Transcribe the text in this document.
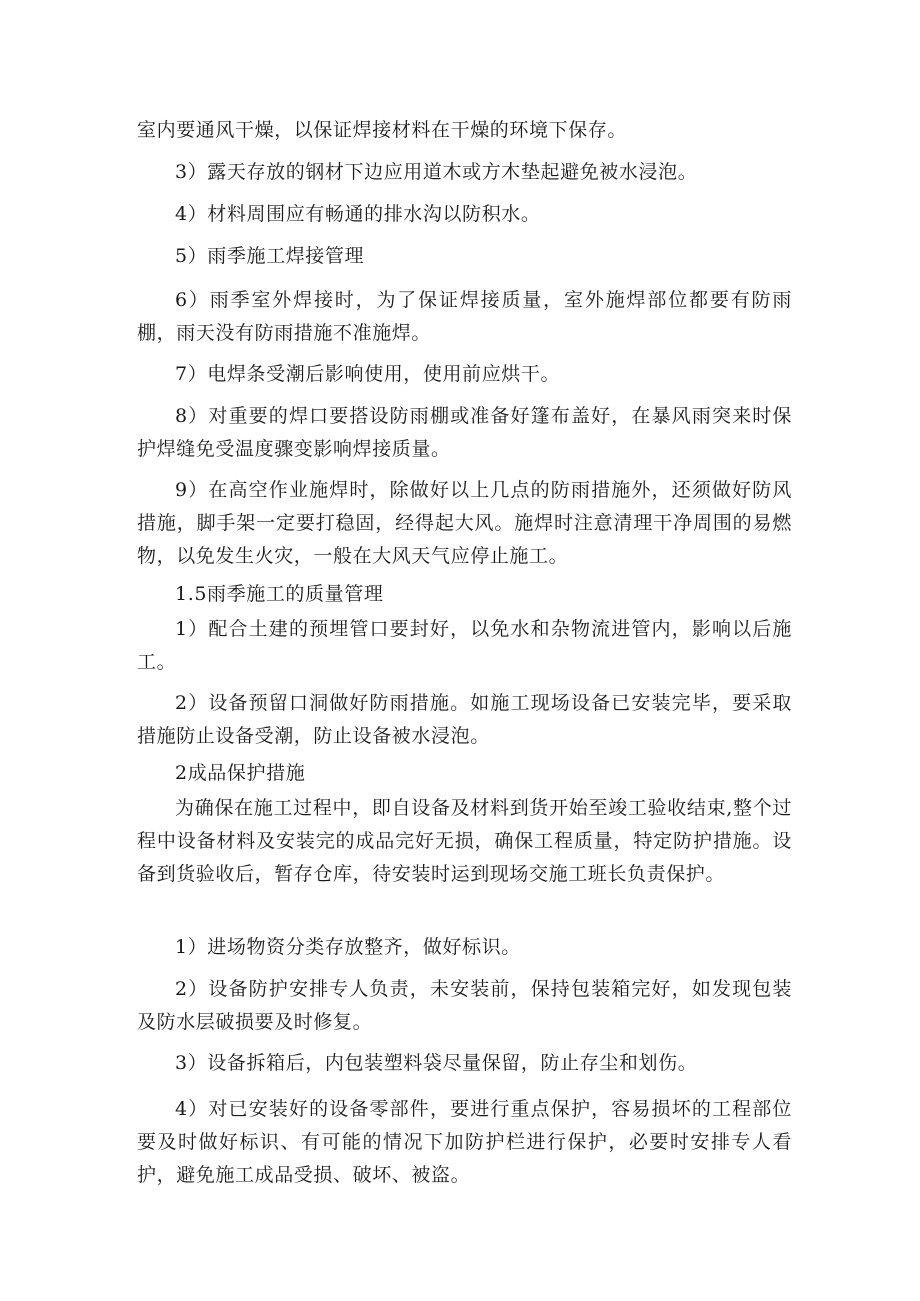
室内要通风干燥，以保证焊接材料在干燥的环境下保存。
3）露天存放的钢材下边应用道木或方木垫起避免被水浸泡。
4）材料周围应有畅通的排水沟以防积水。
5）雨季施工焊接管理
6）雨季室外焊接时，为了保证焊接质量，室外施焊部位都要有防雨棚，雨天没有防雨措施不准施焊。
7）电焊条受潮后影响使用，使用前应烘干。
8）对重要的焊口要搭设防雨棚或准备好篷布盖好，在暴风雨突来时保护焊缝免受温度骤变影响焊接质量。
9）在高空作业施焊时，除做好以上几点的防雨措施外，还须做好防风措施，脚手架一定要打稳固，经得起大风。施焊时注意清理干净周围的易燃物，以免发生火灾，一般在大风天气应停止施工。
1.5雨季施工的质量管理
1）配合土建的预埋管口要封好，以免水和杂物流进管内，影响以后施工。
2）设备预留口洞做好防雨措施。如施工现场设备已安装完毕，要采取措施防止设备受潮，防止设备被水浸泡。
2成品保护措施
为确保在施工过程中，即自设备及材料到货开始至竣工验收结束,整个过程中设备材料及安装完的成品完好无损，确保工程质量，特定防护措施。设备到货验收后，暂存仓库，待安装时运到现场交施工班长负责保护。
1）进场物资分类存放整齐，做好标识。
2）设备防护安排专人负责，未安装前，保持包装箱完好，如发现包装及防水层破损要及时修复。
3）设备拆箱后，内包装塑料袋尽量保留，防止存尘和划伤。
4）对已安装好的设备零部件，要进行重点保护，容易损坏的工程部位要及时做好标识、有可能的情况下加防护栏进行保护，必要时安排专人看护，避免施工成品受损、破坏、被盗。
